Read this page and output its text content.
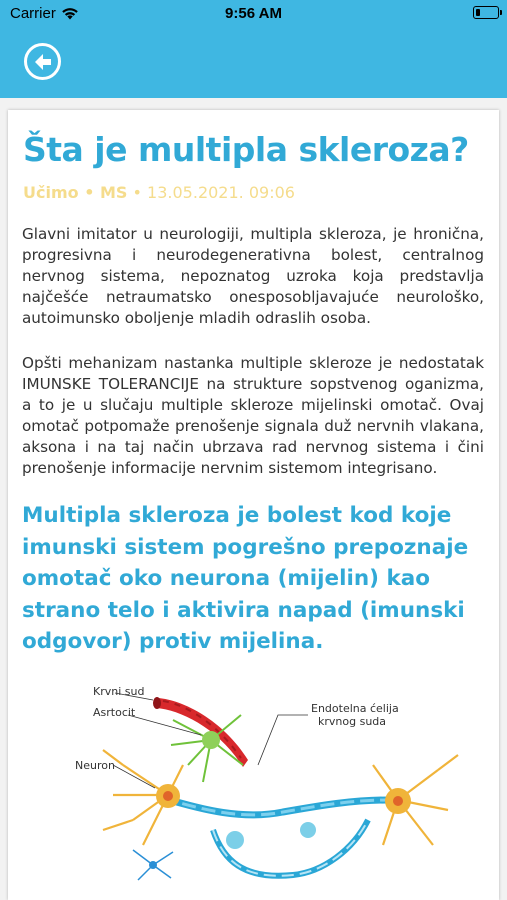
Carrier	9:56 AM
Šta je multipla skleroza?
Učimo • MS • 13.05.2021. 09:06

Glavni imitator u neurologiji, multipla skleroza, je hronična, progresivna i neurodegenerativna bolest, centralnog nervnog sistema, nepoznatog uzroka koja predstavlja najčešće netraumatsko onesposobljavajuće neurološko, autoimunsko oboljenje mladih odraslih osoba.

Opšti mehanizam nastanka multiple skleroze je nedostatak IMUNSKE TOLERANCIJE na strukture sopstvenog oganizma, a to je u slučaju multiple skleroze mijelinski omotač. Ovaj omotač potpomaže prenošenje signala duž nervnih vlakana, aksona i na taj način ubrzava rad nervnog sistema i čini prenošenje informacije nervnim sistemom integrisano.

Multipla skleroza je bolest kod koje imunski sistem pogrešno prepoznaje omotač oko neurona (mijelin) kao strano telo i aktivira napad (imunski odgovor) protiv mijelina.

Krvni sud
Asrtocit	Endotelna ćelija
krvnog suda
Neuron
